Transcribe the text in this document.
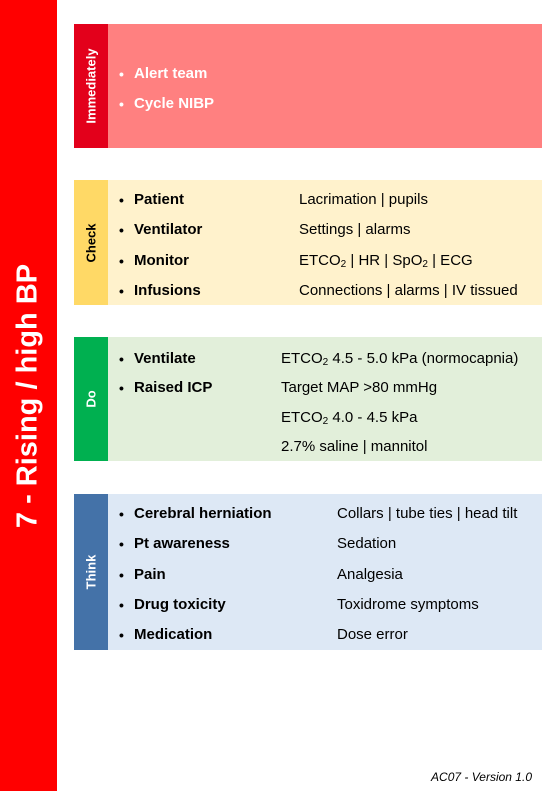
7 - Rising / high BP
Immediately • Alert team
• Cycle NIBP
Check
• Patient	Lacrimation | pupils
• Ventilator	Settings | alarms
• Monitor	$ETCO_2$ | HR | SpO$_2$ | ECG
• Infusions	Connections | alarms | IV tissued
Do
• Ventilate	$ETCO_2$ 4.5 - 5.0 kPa (normocapnia)
• Raised ICP	Target MAP >80 mmHg
$ETCO_2$ 4.0 - 4.5 kPa
2.7% saline | mannitol
Think
• Cerebral herniation	Collars | tube ties | head tilt
• Pt awareness	Sedation
• Pain	Analgesia
• Drug toxicity	Toxidrome symptoms
• Medication	Dose error
AC07 - Version 1.0
